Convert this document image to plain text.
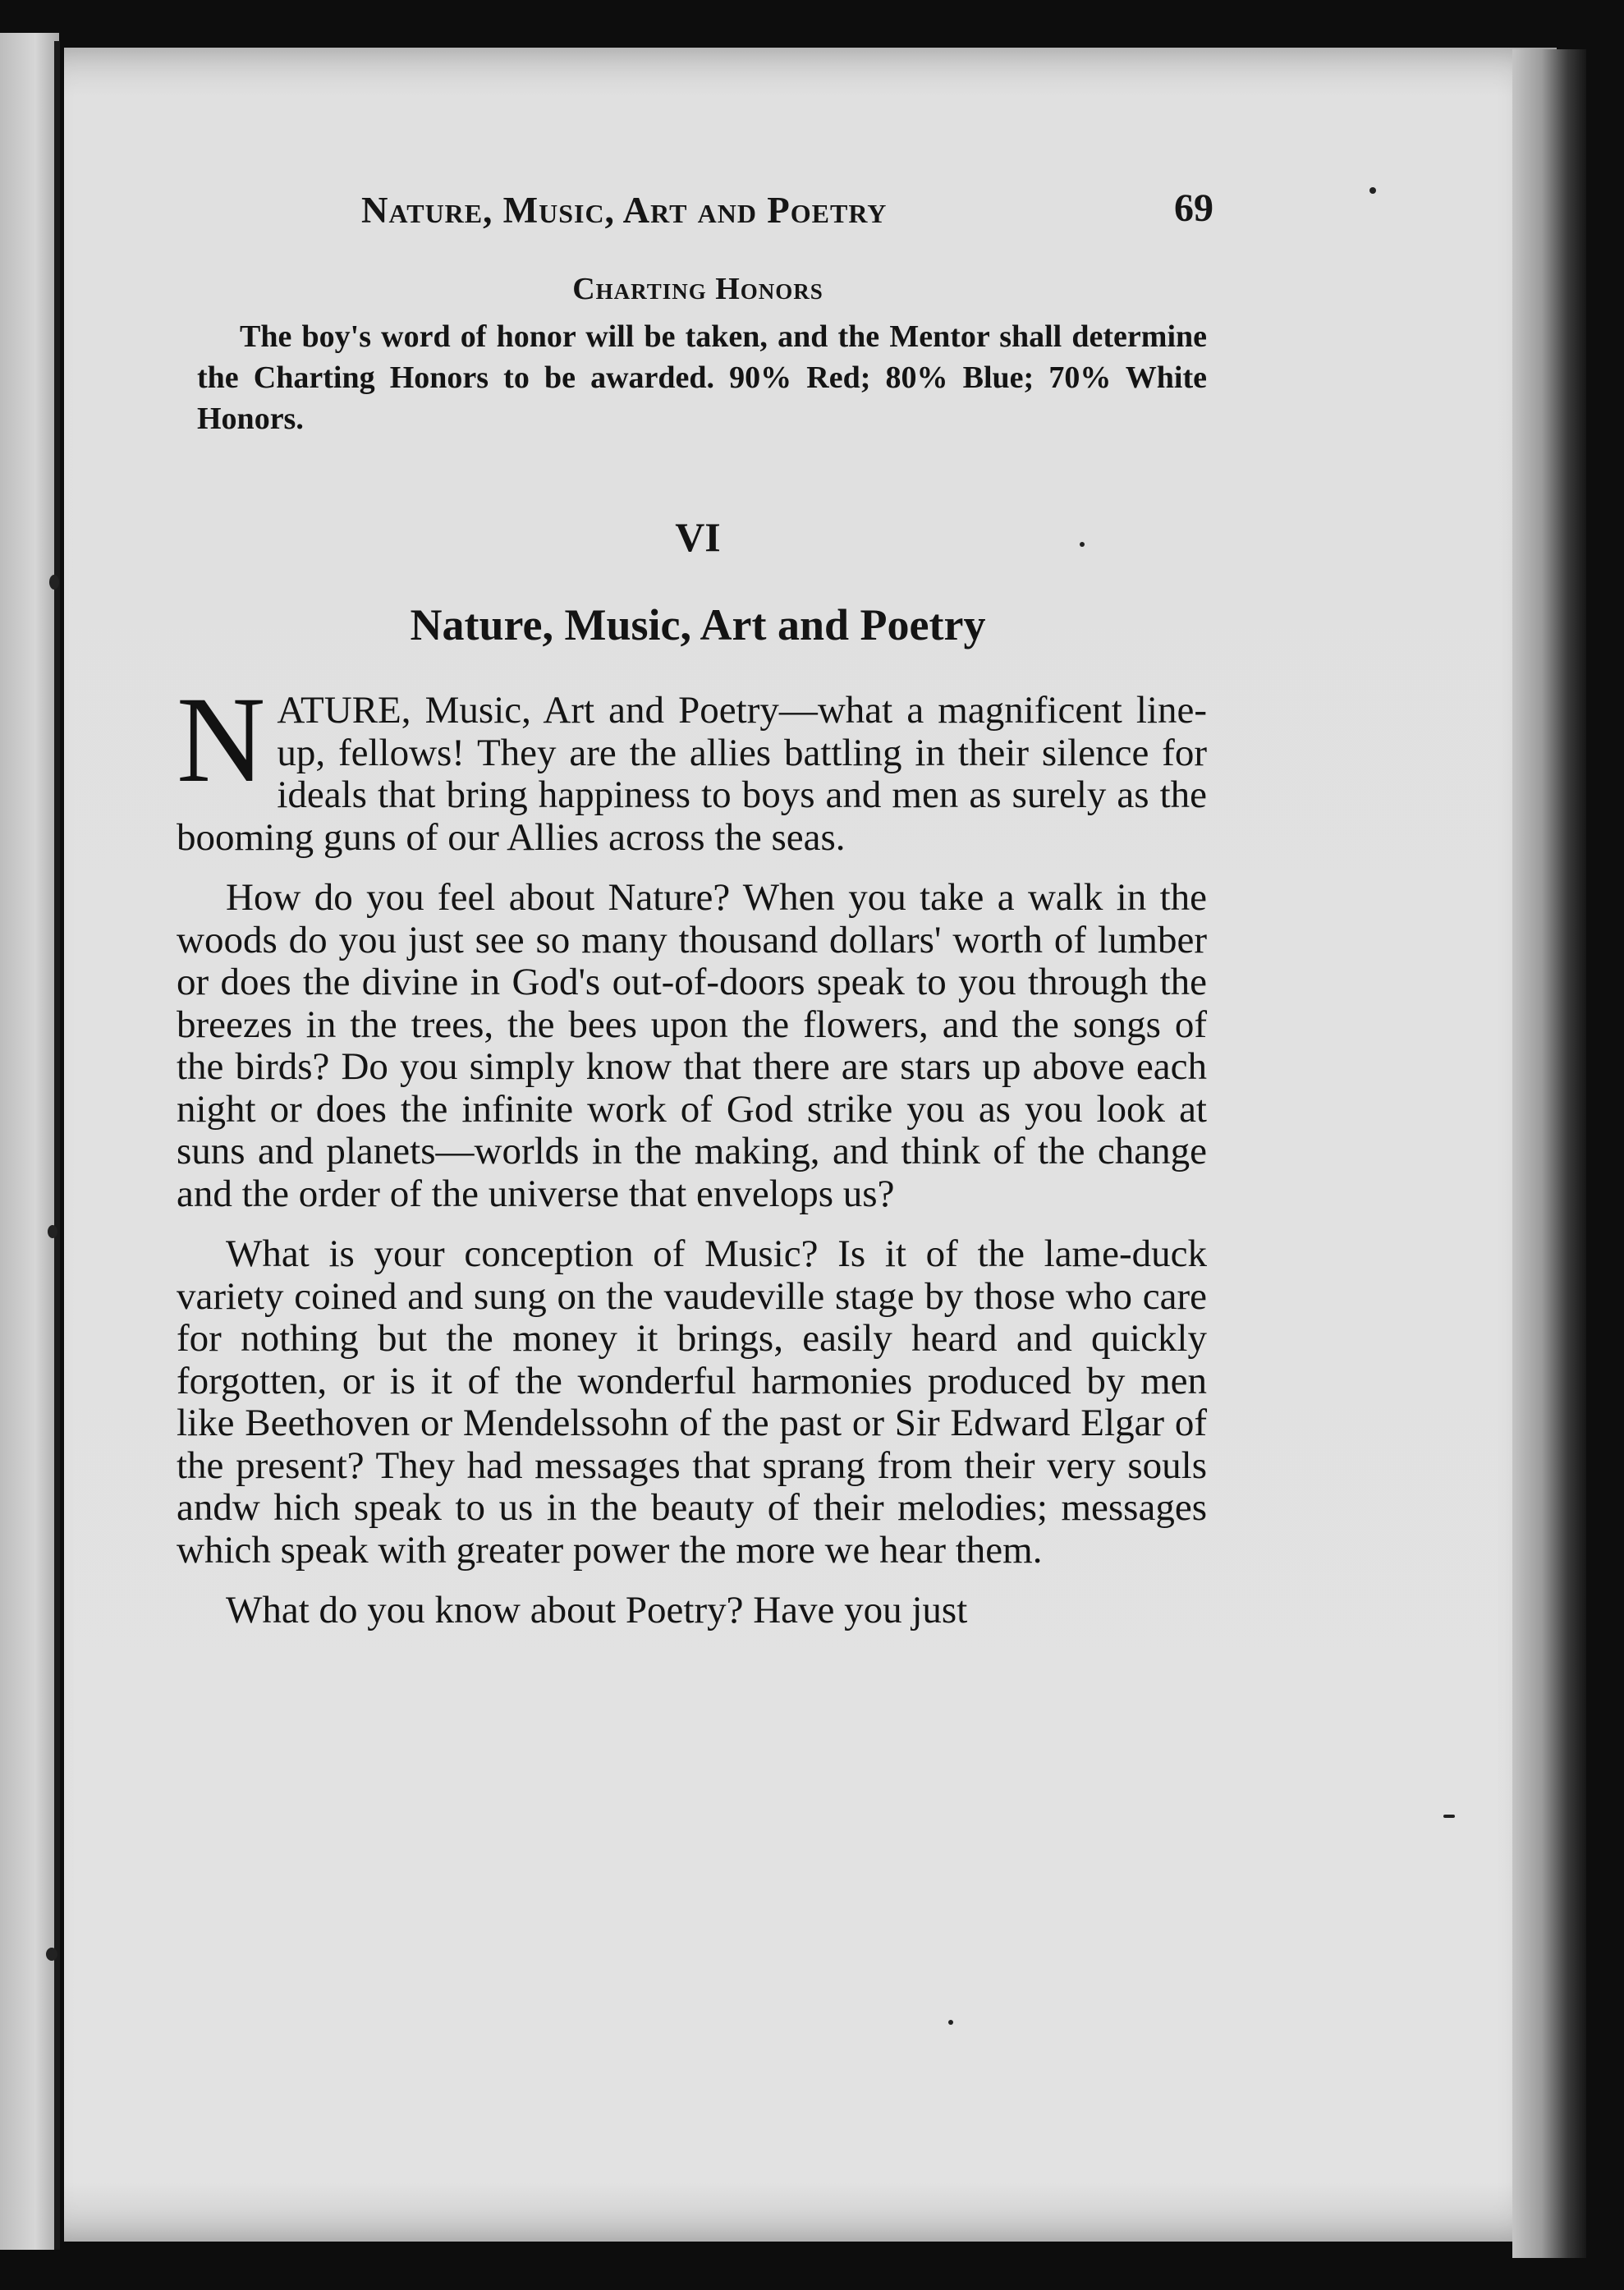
Nature, Music, Art and Poetry	69
Charting Honors

The boy's word of honor will be taken, and the Mentor shall determine the Charting Honors to be awarded. 90% Red; 80% Blue; 70% White Honors.

VI
Nature, Music, Art and Poetry

NATURE, Music, Art and Poetry—what a magnificent line-up, fellows! They are the allies battling in their silence for ideals that bring happiness to boys and men as surely as the booming guns of our Allies across the seas.

How do you feel about Nature? When you take a walk in the woods do you just see so many thousand dollars' worth of lumber or does the divine in God's out-of-doors speak to you through the breezes in the trees, the bees upon the flowers, and the songs of the birds? Do you simply know that there are stars up above each night or does the infinite work of God strike you as you look at suns and planets—worlds in the making, and think of the change and the order of the universe that envelops us?

What is your conception of Music? Is it of the lame-duck variety coined and sung on the vaudeville stage by those who care for nothing but the money it brings, easily heard and quickly forgotten, or is it of the wonderful harmonies produced by men like Beethoven or Mendelssohn of the past or Sir Edward Elgar of the present? They had messages that sprang from their very souls andw hich speak to us in the beauty of their melodies; messages which speak with greater power the more we hear them.

What do you know about Poetry? Have you just
